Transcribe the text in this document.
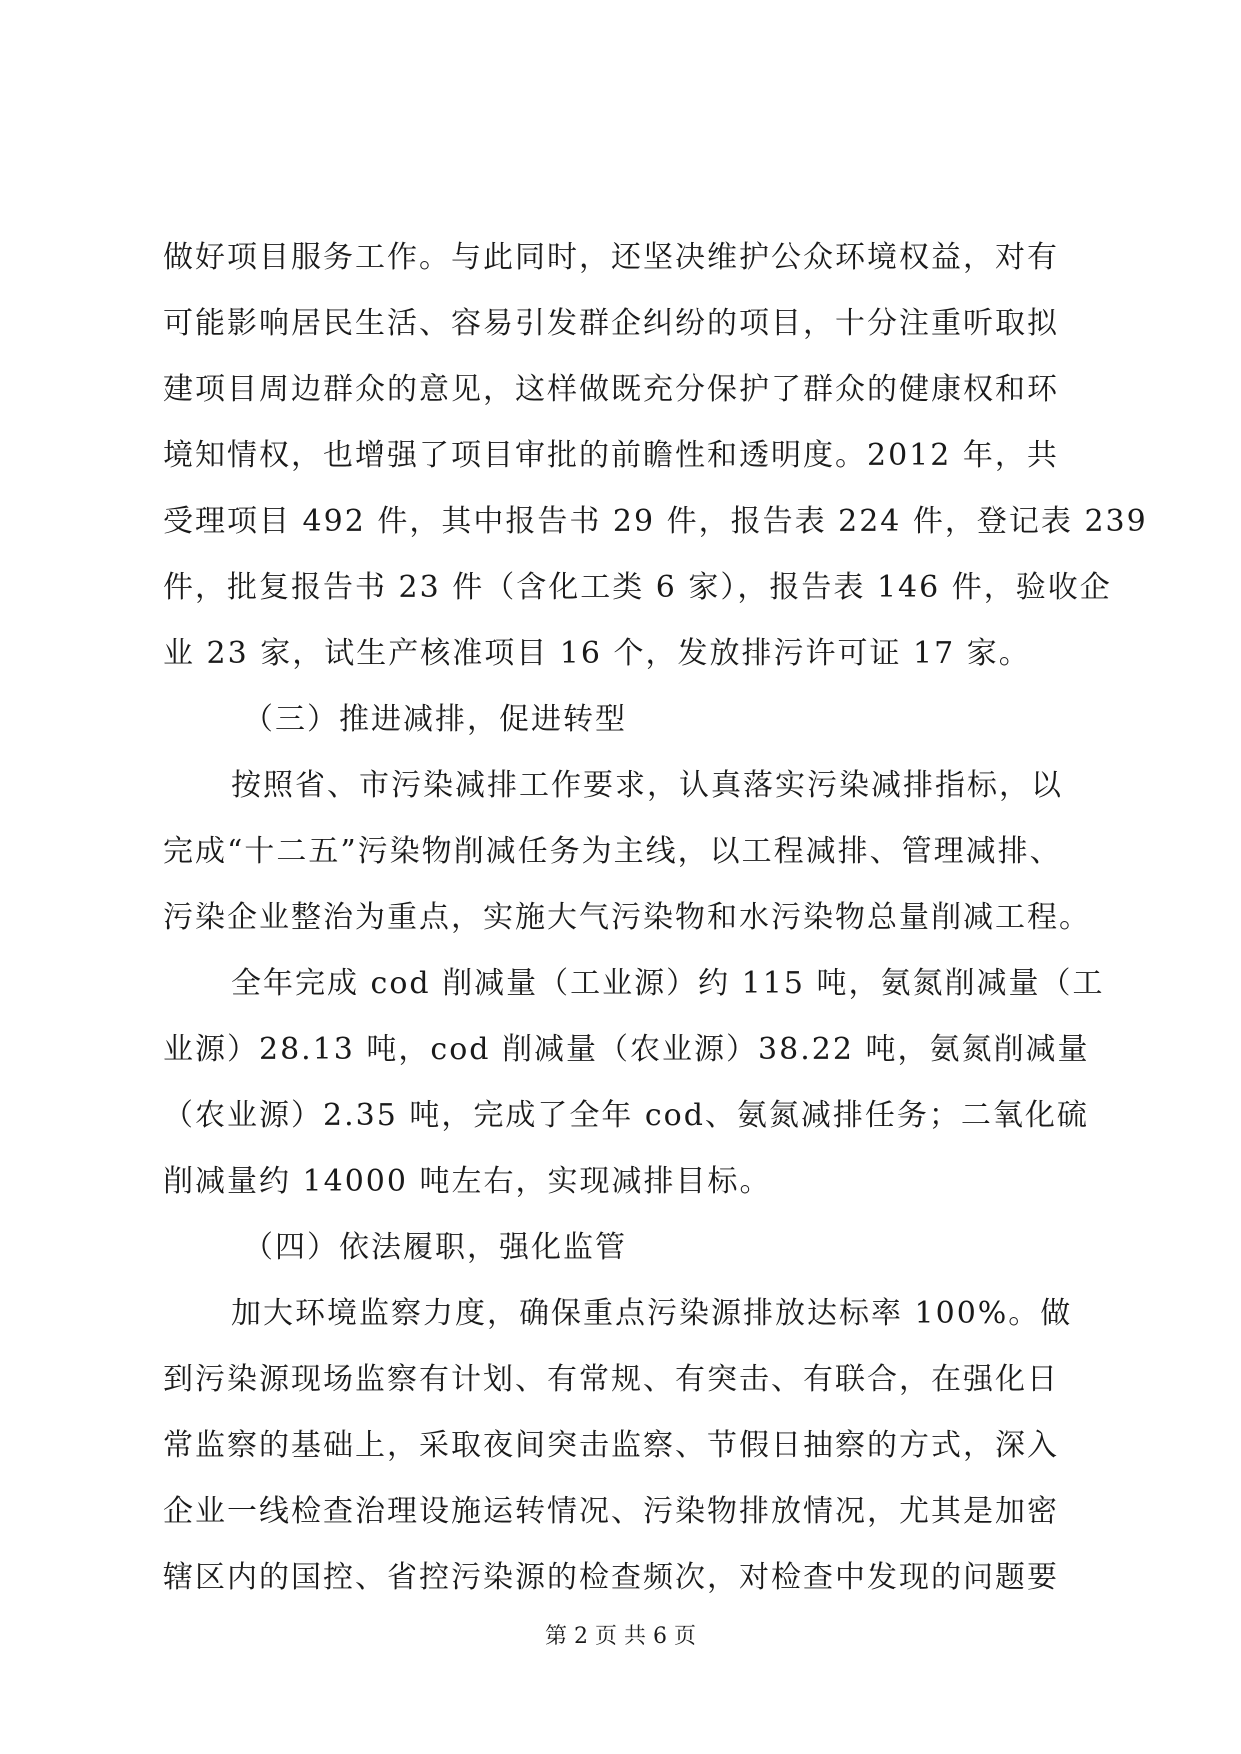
做好项目服务工作。与此同时，还坚决维护公众环境权益，对有
可能影响居民生活、容易引发群企纠纷的项目，十分注重听取拟
建项目周边群众的意见，这样做既充分保护了群众的健康权和环
境知情权，也增强了项目审批的前瞻性和透明度。2012 年，共
受理项目 492 件，其中报告书 29 件，报告表 224 件，登记表 239
件，批复报告书 23 件（含化工类 6 家），报告表 146 件，验收企
业 23 家，试生产核准项目 16 个，发放排污许可证 17 家。
（三）推进减排，促进转型
按照省、市污染减排工作要求，认真落实污染减排指标，以
完成“十二五”污染物削减任务为主线，以工程减排、管理减排、
污染企业整治为重点，实施大气污染物和水污染物总量削减工程。
全年完成 cod 削减量（工业源）约 115 吨，氨氮削减量（工
业源）28.13 吨，cod 削减量（农业源）38.22 吨，氨氮削减量
（农业源）2.35 吨，完成了全年 cod、氨氮减排任务；二氧化硫
削减量约 14000 吨左右，实现减排目标。
（四）依法履职，强化监管
加大环境监察力度，确保重点污染源排放达标率 100%。做
到污染源现场监察有计划、有常规、有突击、有联合，在强化日
常监察的基础上，采取夜间突击监察、节假日抽察的方式，深入
企业一线检查治理设施运转情况、污染物排放情况，尤其是加密
辖区内的国控、省控污染源的检查频次，对检查中发现的问题要
第 2 页 共 6 页
